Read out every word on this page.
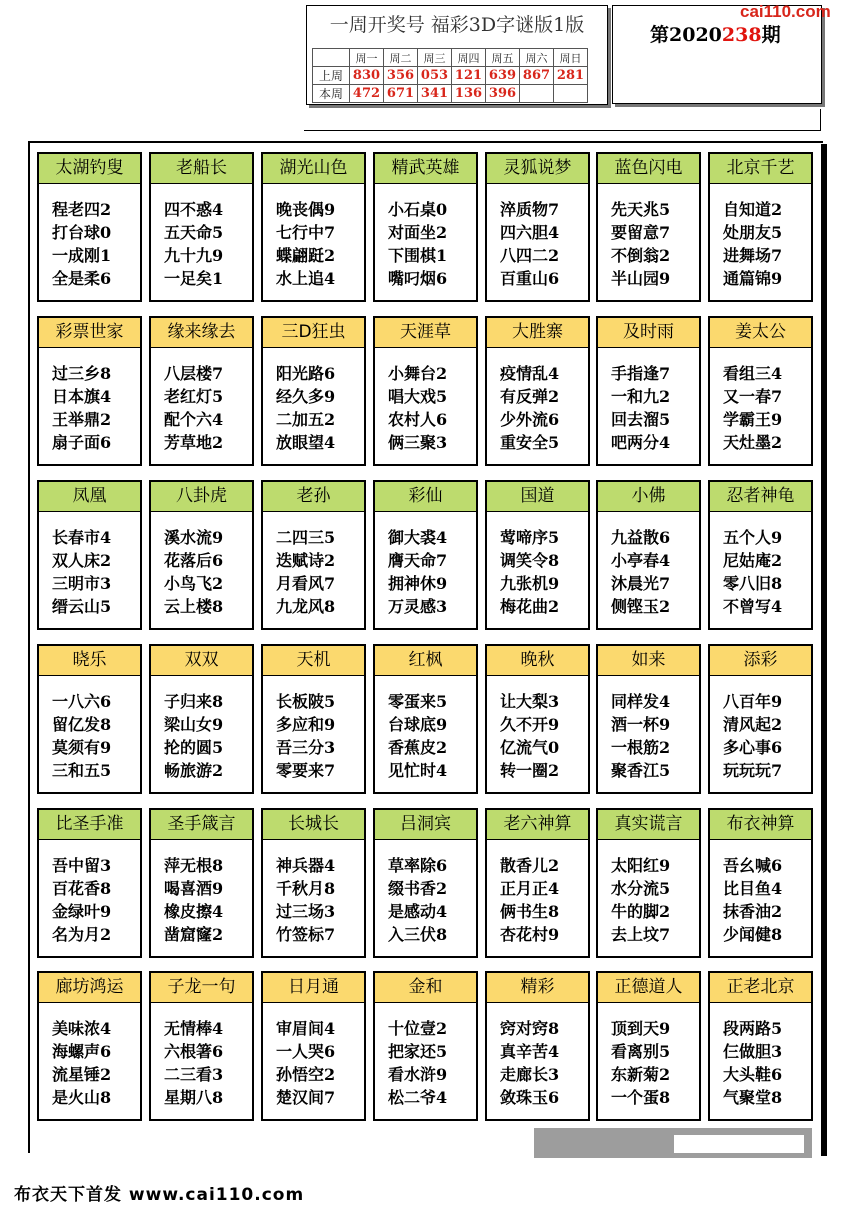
一周开奖号 福彩3D字谜版1版
	周一	周二	周三	周四	周五	周六	周日
上周	830	356	053	121	639	867	281
本周	472	671	341	136	396		
第2020238期
cai110.com
太湖钓叟
程老四2
打台球0
一成刚1
全是柔6
老船长
四不惑4
五天命5
九十九9
一足矣1
湖光山色
晚丧偶9
七行中7
蝶翩跹2
水上追4
精武英雄
小石桌0
对面坐2
下围棋1
嘴叼烟6
灵狐说梦
淬质物7
四六胆4
八四二2
百重山6
蓝色闪电
先天兆5
要留意7
不倒翁2
半山园9
北京千艺
自知道2
处朋友5
进舞场7
通篇锦9
彩票世家
过三乡8
日本旗4
王举鼎2
扇子面6
缘来缘去
八层楼7
老红灯5
配个六4
芳草地2
三D狂虫
阳光路6
经久多9
二加五2
放眼望4
天涯草
小舞台2
唱大戏5
农村人6
俩三聚3
大胜寨
疫情乱4
有反弹2
少外流6
重安全5
及时雨
手指逢7
一和九2
回去溜5
吧两分4
姜太公
看组三4
又一春7
学霸王9
天灶墨2
凤凰
长春市4
双人床2
三明市3
缙云山5
八卦虎
溪水流9
花落后6
小鸟飞2
云上楼8
老孙
二四三5
迭赋诗2
月看风7
九龙风8
彩仙
御大裘4
膺天命7
拥神休9
万灵感3
国道
莺啼序5
调笑令8
九张机9
梅花曲2
小佛
九益散6
小亭春4
沐晨光7
侧铿玉2
忍者神龟
五个人9
尼姑庵2
零八旧8
不曾写4
晓乐
一八六6
留亿发8
莫须有9
三和五5
双双
子归来8
梁山女9
抡的圆5
畅旅游2
天机
长板陂5
多应和9
吾三分3
零要来7
红枫
零蛋来5
台球底9
香蕉皮2
见忙时4
晚秋
让大梨3
久不开9
亿流气0
转一圈2
如来
同样发4
酒一杯9
一根筋2
聚香江5
添彩
八百年9
清风起2
多心事6
玩玩玩7
比圣手准
吾中留3
百花香8
金绿叶9
名为月2
圣手箴言
萍无根8
喝喜酒9
橡皮擦4
凿窟窿2
长城长
神兵器4
千秋月8
过三场3
竹签标7
吕洞宾
草率除6
缀书香2
是感动4
入三伏8
老六神算
散香儿2
正月正4
俩书生8
杏花村9
真实谎言
太阳红9
水分流5
牛的脚2
去上坟7
布衣神算
吾幺喊6
比目鱼4
抹香油2
少闻健8
廊坊鸿运
美味浓4
海螺声6
流星锤2
是火山8
子龙一句
无情棒4
六根箸6
二三看3
星期八8
日月通
审眉间4
一人哭6
孙悟空2
楚汉间7
金和
十位壹2
把家还5
看水浒9
松二爷4
精彩
窍对窍8
真辛苦4
走廊长3
敛珠玉6
正德道人
顶到天9
看离别5
东新菊2
一个蛋8
正老北京
段两路5
仨做胆3
大头鞋6
气聚堂8
布衣天下首发 www.cai110.com
